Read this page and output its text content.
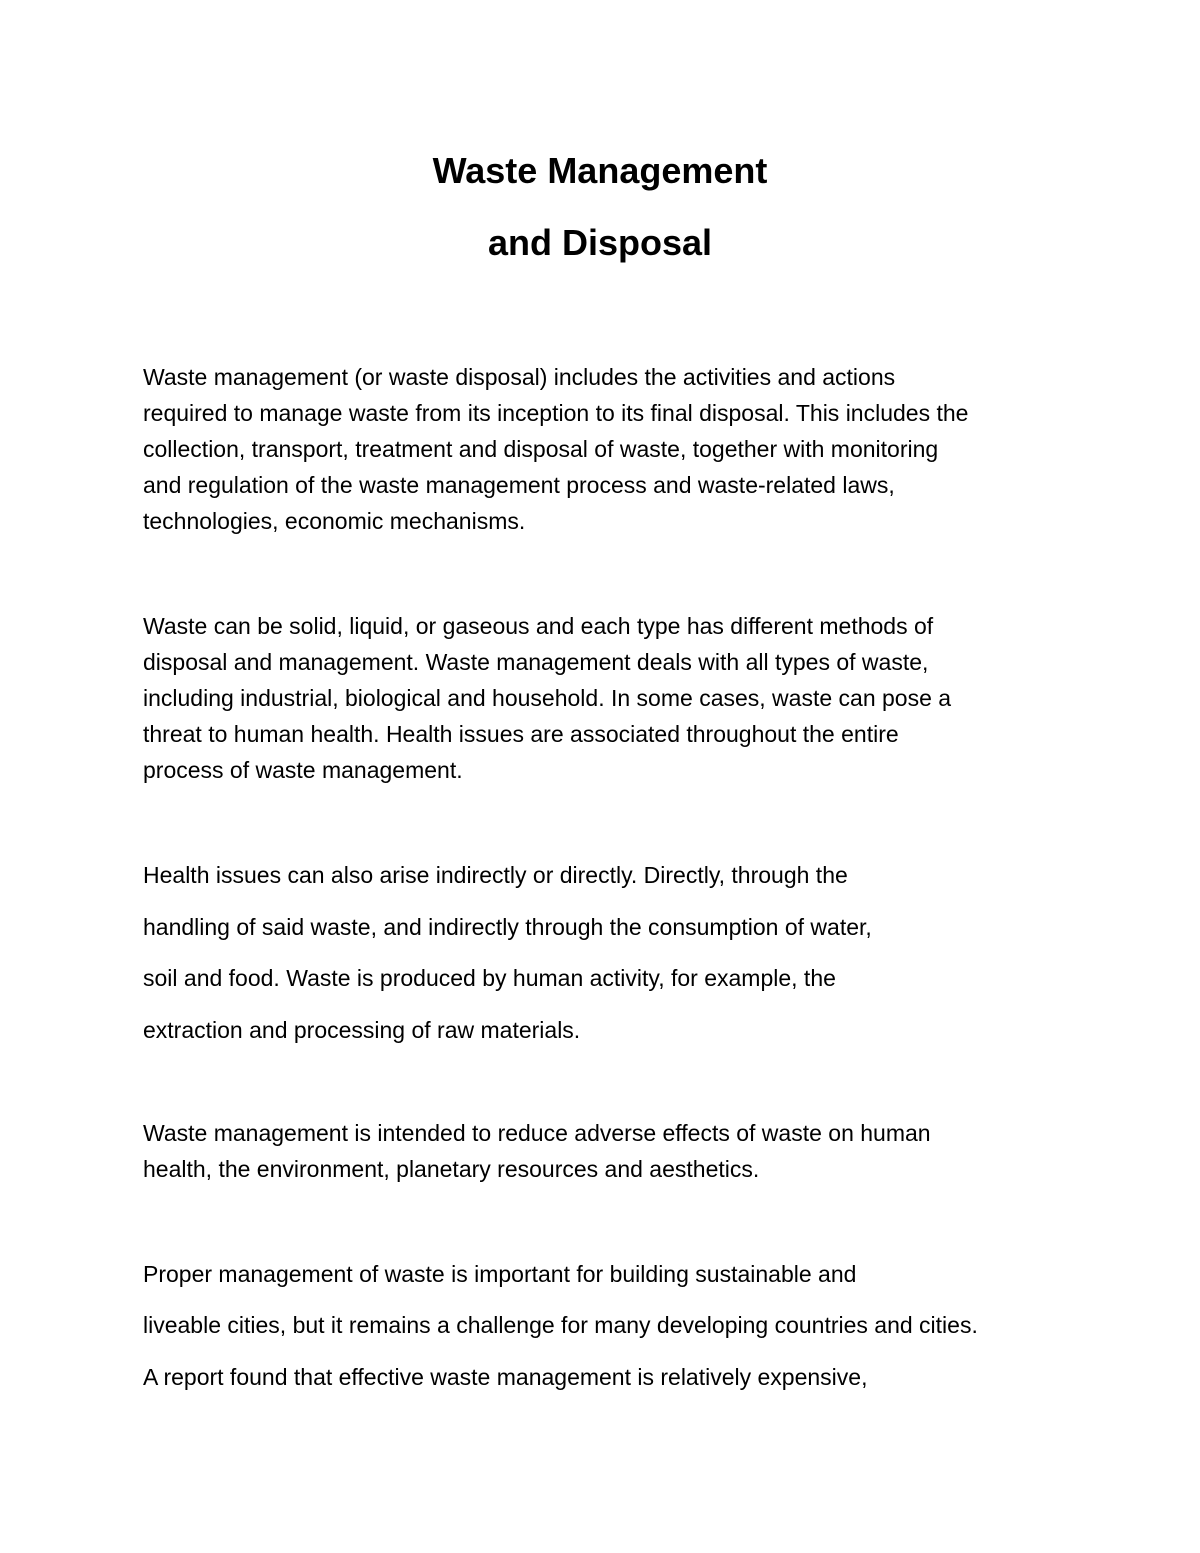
Waste Management
and Disposal

Waste management (or waste disposal) includes the activities and actions

required to manage waste from its inception to its final disposal. This includes the

collection, transport, treatment and disposal of waste, together with monitoring

and regulation of the waste management process and waste-related laws,

technologies, economic mechanisms.

Waste can be solid, liquid, or gaseous and each type has different methods of

disposal and management. Waste management deals with all types of waste,

including industrial, biological and household. In some cases, waste can pose a

threat to human health. Health issues are associated throughout the entire

process of waste management.

Health issues can also arise indirectly or directly. Directly, through the

handling of said waste, and indirectly through the consumption of water,

soil and food. Waste is produced by human activity, for example, the

extraction and processing of raw materials.

Waste management is intended to reduce adverse effects of waste on human

health, the environment, planetary resources and aesthetics.

Proper management of waste is important for building sustainable and

liveable cities, but it remains a challenge for many developing countries and cities.

A report found that effective waste management is relatively expensive,
